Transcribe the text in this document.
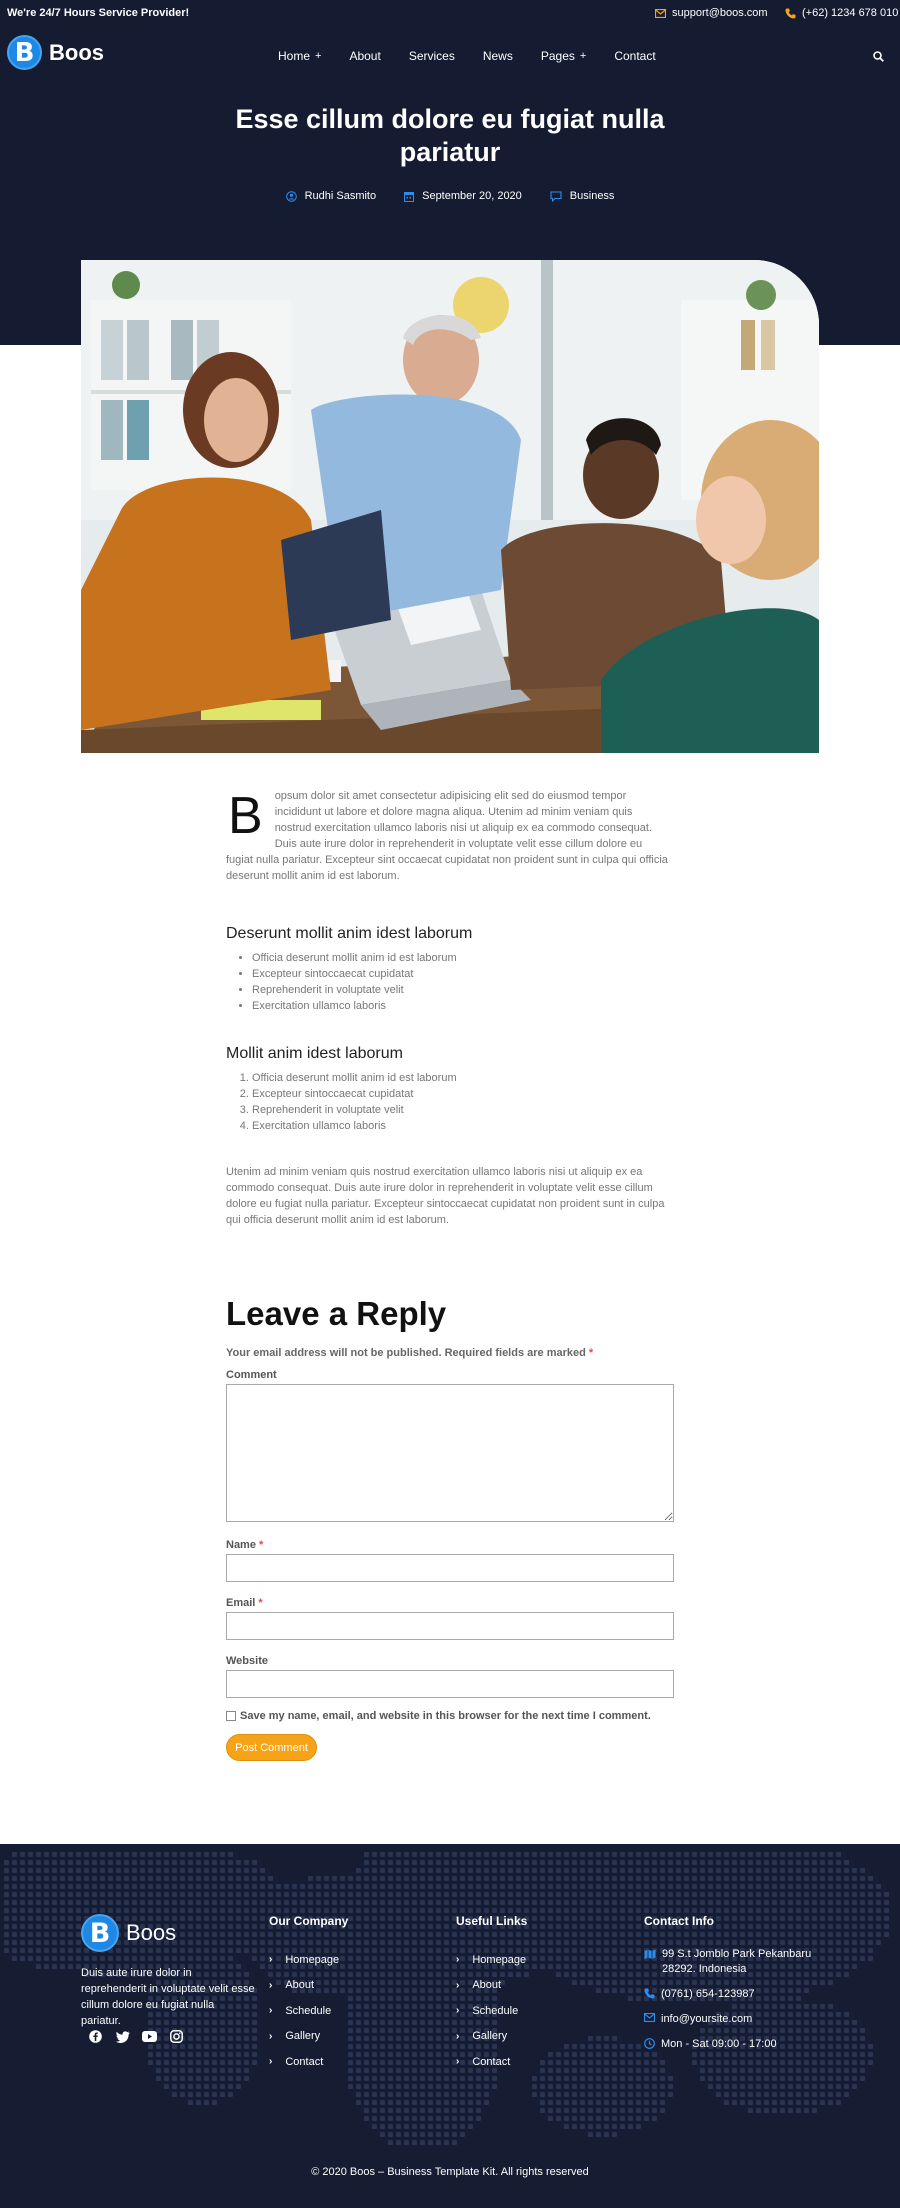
We're 24/7 Hours Service Provider!	support@boos.com	(+62) 1234 678 010
B Boos	Home + About Services News Pages + Contact
Esse cillum dolore eu fugiat nulla pariatur
Rudhi Sasmito	September 20, 2020	Business
B	opsum dolor sit amet consectetur adipisicing elit sed do eiusmod tempor incididunt ut labore et dolore magna aliqua. Utenim ad minim veniam quis nostrud exercitation ullamco laboris nisi ut aliquip ex ea commodo consequat. Duis aute irure dolor in reprehenderit in voluptate velit esse cillum dolore eu fugiat nulla pariatur. Excepteur sint occaecat cupidatat non proident sunt in culpa qui officia deserunt mollit anim id est laborum.

Deserunt mollit anim idest laborum
• Officia deserunt mollit anim id est laborum
• Excepteur sintoccaecat cupidatat
• Reprehenderit in voluptate velit
• Exercitation ullamco laboris
Mollit anim idest laborum
1. Officia deserunt mollit anim id est laborum
2. Excepteur sintoccaecat cupidatat
3. Reprehenderit in voluptate velit
4. Exercitation ullamco laboris

Utenim ad minim veniam quis nostrud exercitation ullamco laboris nisi ut aliquip ex ea commodo consequat. Duis aute irure dolor in reprehenderit in voluptate velit esse cillum dolore eu fugiat nulla pariatur. Excepteur sintoccaecat cupidatat non proident sunt in culpa qui officia deserunt mollit anim id est laborum.

Leave a Reply

Your email address will not be published. Required fields are marked *

Comment
Name *
Email *
Website
Save my name, email, and website in this browser for the next time I comment.
Post Comment
B Boos

Duis aute irure dolor in reprehenderit in voluptate velit esse cillum dolore eu fugiat nulla pariatur.

Our Company
› Homepage
› About
› Schedule
› Gallery
› Contact
Useful Links
› Homepage
› About
› Schedule
› Gallery
› Contact
Contact Info
99 S.t Jomblo Park Pekanbaru 28292. Indonesia
(0761) 654-123987
info@yoursite.com
Mon - Sat 09:00 - 17:00
© 2020 Boos – Business Template Kit. All rights reserved
